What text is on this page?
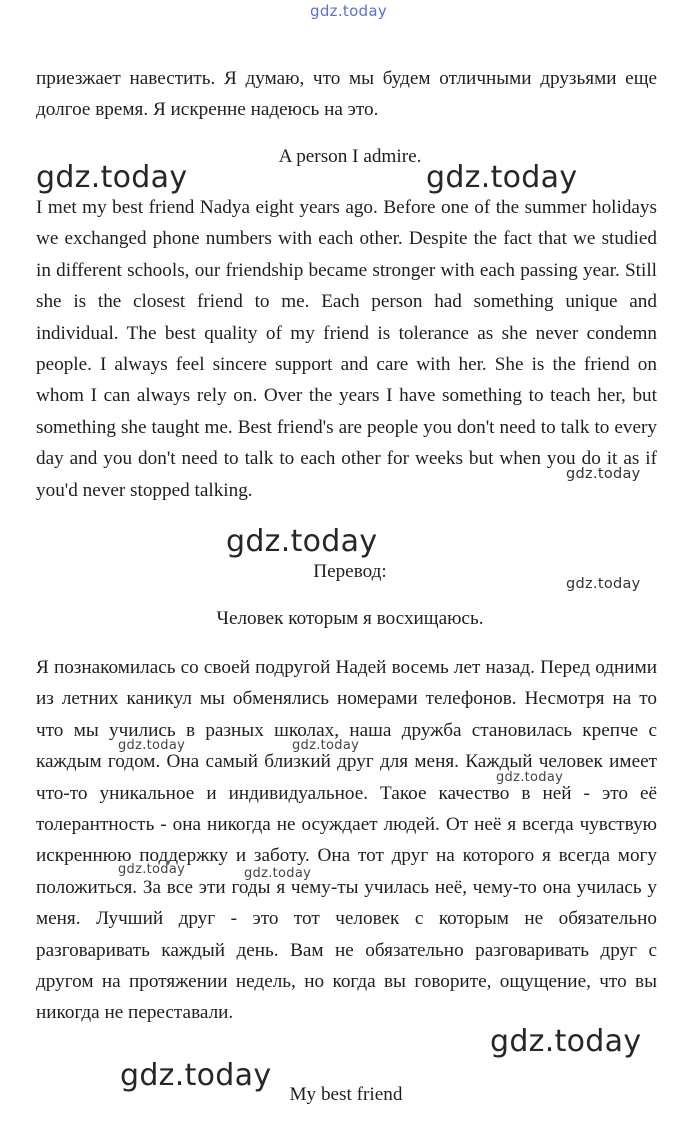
gdz.today

приезжает навестить. Я думаю, что мы будем отличными друзьями еще долгое время. Я искренне надеюсь на это.

gdz.today	gdz.today

A person I admire.

I met my best friend Nadya eight years ago. Before one of the summer holidays we exchanged phone numbers with each other. Despite the fact that we studied in different schools, our friendship became stronger with each passing year. Still she is the closest friend to me. Each person had something unique and individual. The best quality of my friend is tolerance as she never condemn people. I always feel sincere support and care with her. She is the friend on whom I can always rely on. Over the years I have something to teach her, but something she taught me. Best friend's are people you don't need to talk to every day and you don't need to talk to each other for weeks but when you do it as if you'd never stopped talking.

gdz.today
gdz.today

Перевод:

gdz.today

Человек которым я восхищаюсь.

Я познакомилась со своей подругой Надей восемь лет назад. Перед одними из летних каникул мы обменялись номерами телефонов. Несмотря на то что мы учились в разных школах, наша дружба становилась крепче с каждым годом. Она самый близкий друг для меня. Каждый человек имеет что-то уникальное и индивидуальное. Такое качество в ней - это её толерантность - она никогда не осуждает людей. От неё я всегда чувствую искреннюю поддержку и заботу. Она тот друг на которого я всегда могу положиться. За все эти годы я чему-ты училась неё, чему-то она училась у меня. Лучший друг - это тот человек с которым не обязательно разговаривать каждый день. Вам не обязательно разговаривать друг с другом на протяжении недель, но когда вы говорите, ощущение, что вы никогда не переставали.

gdz.today	gdz.today
gdz.today
gdz.today	gdz.today
gdz.today
gdz.today

My best friend
